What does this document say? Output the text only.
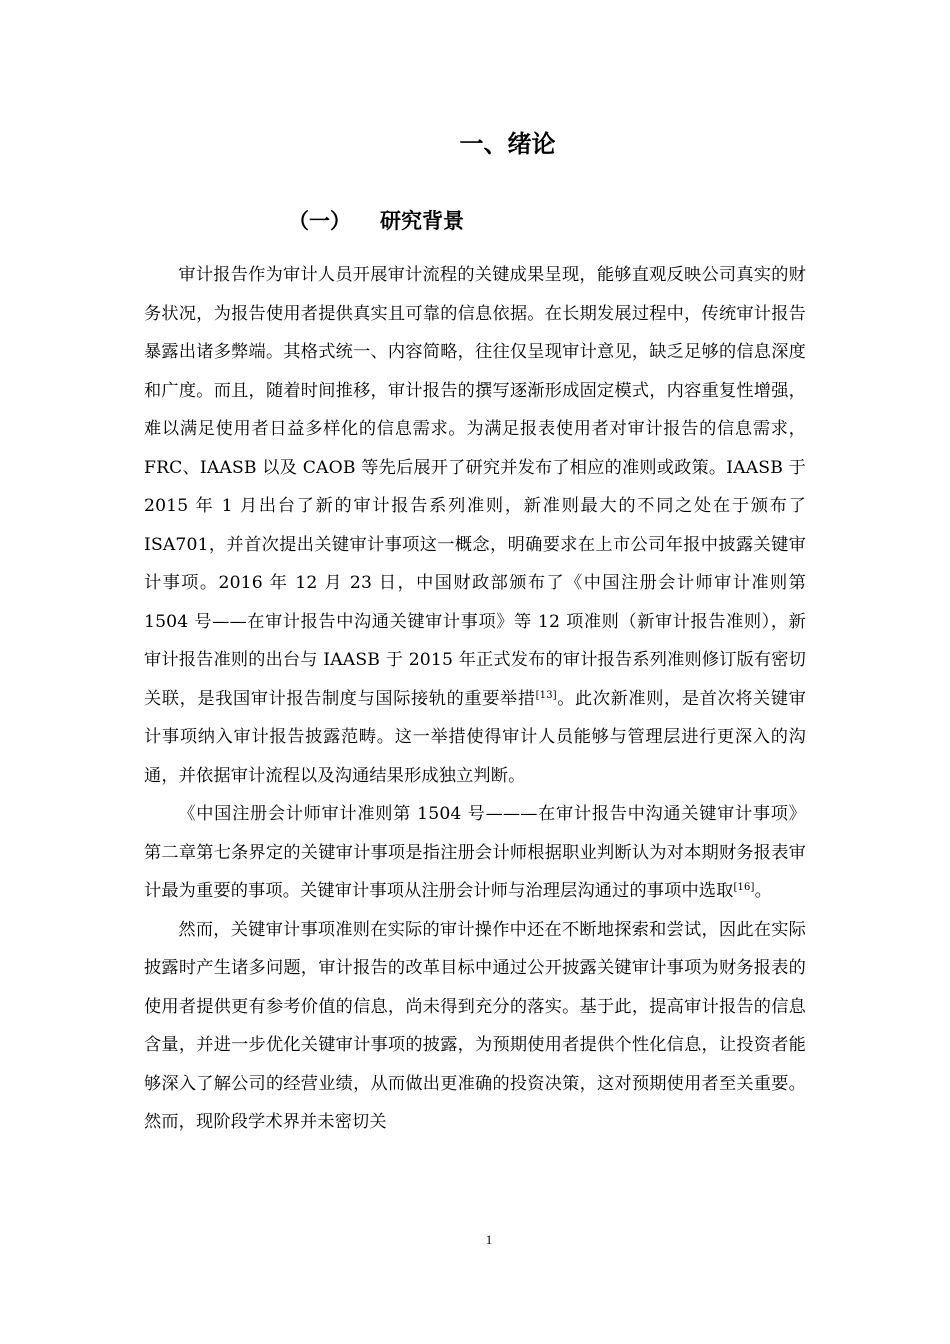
一、绪论
（一） 研究背景

审计报告作为审计人员开展审计流程的关键成果呈现，能够直观反映公司真实的财务状况，为报告使用者提供真实且可靠的信息依据。在长期发展过程中，传统审计报告暴露出诸多弊端。其格式统一、内容简略，往往仅呈现审计意见，缺乏足够的信息深度和广度。而且，随着时间推移，审计报告的撰写逐渐形成固定模式，内容重复性增强，难以满足使用者日益多样化的信息需求。为满足报表使用者对审计报告的信息需求，FRC、IAASB 以及 CAOB 等先后展开了研究并发布了相应的准则或政策。IAASB 于 2015 年 1 月出台了新的审计报告系列准则，新准则最大的不同之处在于颁布了 ISA701，并首次提出关键审计事项这一概念，明确要求在上市公司年报中披露关键审计事项。2016 年 12 月 23 日，中国财政部颁布了《中国注册会计师审计准则第 1504 号——在审计报告中沟通关键审计事项》等 12 项准则（新审计报告准则），新审计报告准则的出台与 IAASB 于 2015 年正式发布的审计报告系列准则修订版有密切关联，是我国审计报告制度与国际接轨的重要举措[13]。此次新准则，是首次将关键审计事项纳入审计报告披露范畴。这一举措使得审计人员能够与管理层进行更深入的沟通，并依据审计流程以及沟通结果形成独立判断。

《中国注册会计师审计准则第 1504 号———在审计报告中沟通关键审计事项》第二章第七条界定的关键审计事项是指注册会计师根据职业判断认为对本期财务报表审计最为重要的事项。关键审计事项从注册会计师与治理层沟通过的事项中选取[16]。

然而，关键审计事项准则在实际的审计操作中还在不断地探索和尝试，因此在实际披露时产生诸多问题，审计报告的改革目标中通过公开披露关键审计事项为财务报表的使用者提供更有参考价值的信息，尚未得到充分的落实。基于此，提高审计报告的信息含量，并进一步优化关键审计事项的披露，为预期使用者提供个性化信息，让投资者能够深入了解公司的经营业绩，从而做出更准确的投资决策，这对预期使用者至关重要。然而，现阶段学术界并未密切关

1
